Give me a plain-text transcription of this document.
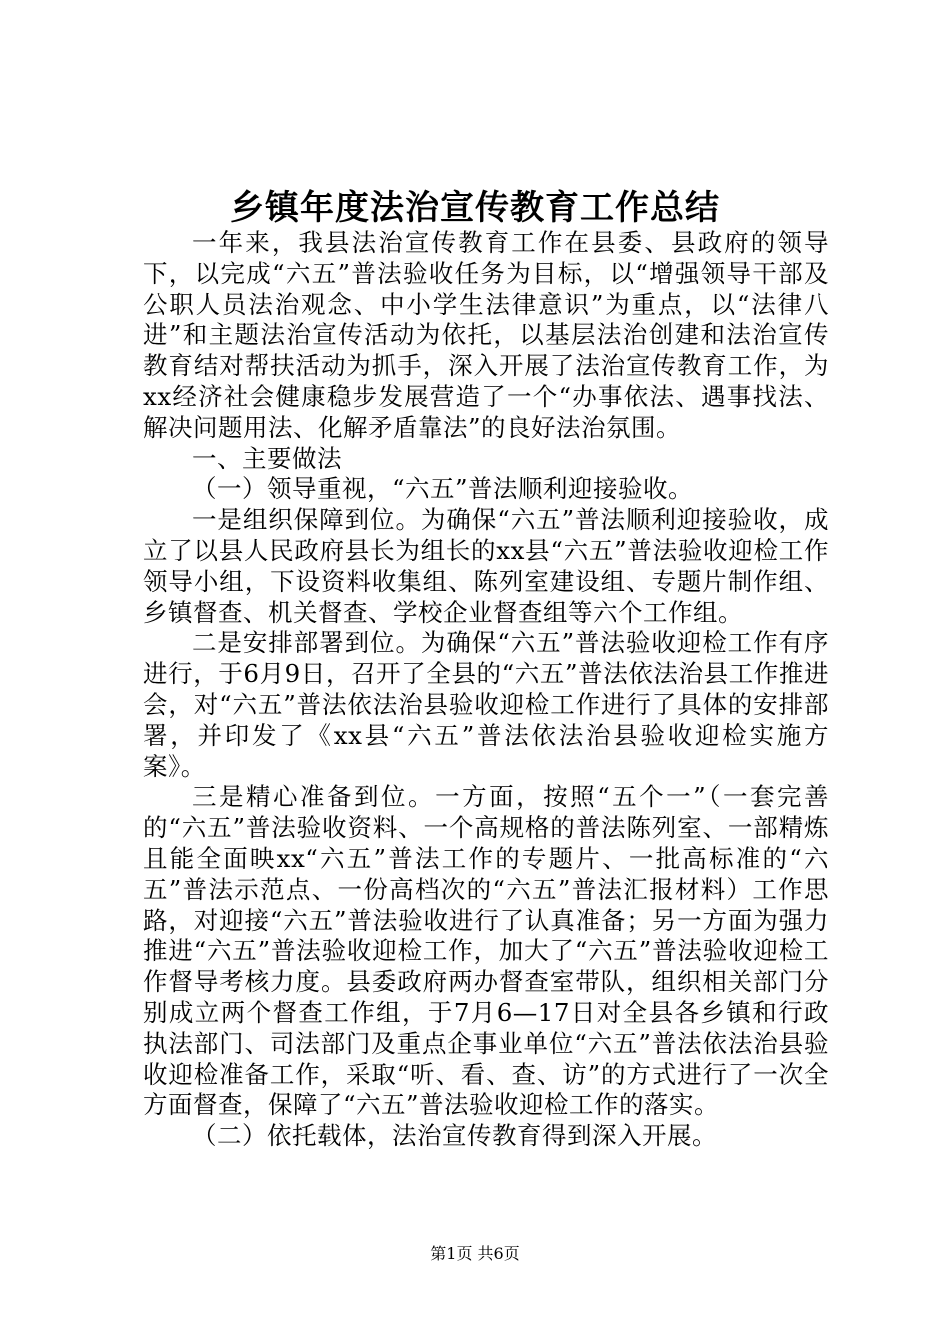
乡镇年度法治宣传教育工作总结

一年来，我县法治宣传教育工作在县委、县政府的领导下，以完成“六五”普法验收任务为目标，以“增强领导干部及公职人员法治观念、中小学生法律意识”为重点，以“法律八进”和主题法治宣传活动为依托，以基层法治创建和法治宣传教育结对帮扶活动为抓手，深入开展了法治宣传教育工作，为xx经济社会健康稳步发展营造了一个“办事依法、遇事找法、解决问题用法、化解矛盾靠法”的良好法治氛围。

一、主要做法

（一）领导重视，“六五”普法顺利迎接验收。

一是组织保障到位。为确保“六五”普法顺利迎接验收，成立了以县人民政府县长为组长的xx县“六五”普法验收迎检工作领导小组，下设资料收集组、陈列室建设组、专题片制作组、乡镇督查、机关督查、学校企业督查组等六个工作组。

二是安排部署到位。为确保“六五”普法验收迎检工作有序进行，于6月9日，召开了全县的“六五”普法依法治县工作推进会，对“六五”普法依法治县验收迎检工作进行了具体的安排部署，并印发了《xx县“六五”普法依法治县验收迎检实施方案》。

三是精心准备到位。一方面，按照“五个一”（一套完善的“六五”普法验收资料、一个高规格的普法陈列室、一部精炼且能全面映xx“六五”普法工作的专题片、一批高标准的“六五”普法示范点、一份高档次的“六五”普法汇报材料）工作思路，对迎接“六五”普法验收进行了认真准备；另一方面为强力推进“六五”普法验收迎检工作，加大了“六五”普法验收迎检工作督导考核力度。县委政府两办督查室带队，组织相关部门分别成立两个督查工作组，于7月6—17日对全县各乡镇和行政执法部门、司法部门及重点企事业单位“六五”普法依法治县验收迎检准备工作，采取“听、看、查、访”的方式进行了一次全方面督查，保障了“六五”普法验收迎检工作的落实。

（二）依托载体，法治宣传教育得到深入开展。

第1页 共6页
